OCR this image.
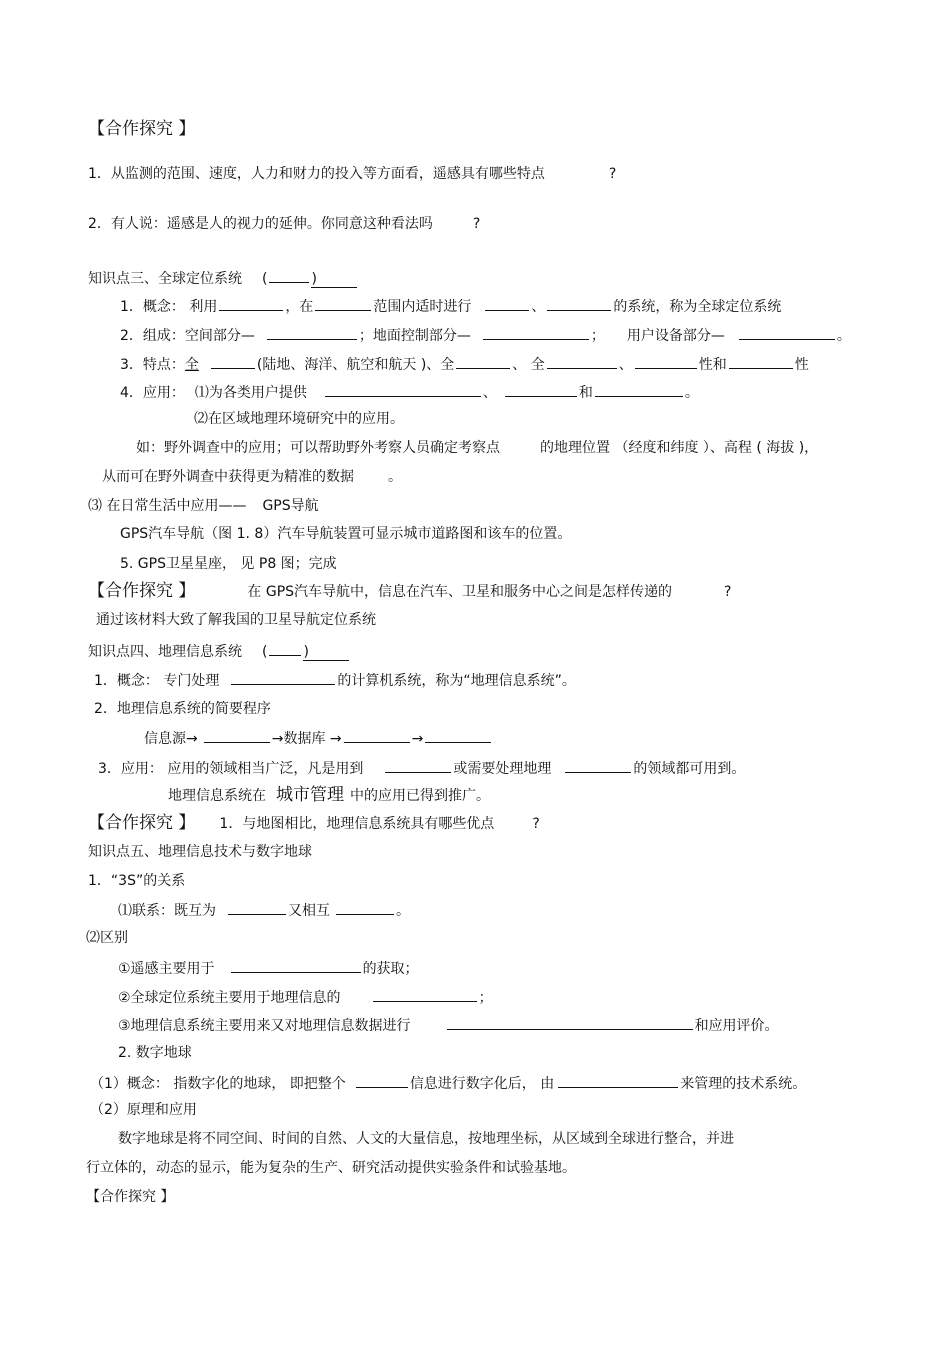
【合作探究 】
1．从监测的范围、速度，人力和财力的投入等方面看，遥感具有哪些特点	?
2．有人说：遥感是人的视力的延伸。你同意这种看法吗	?
知识点三、全球定位系统 (	)
1．概念： 利用	，在	范围内适时进行	、	的系统，称为全球定位系统
2．组成：空间部分—	；地面控制部分—	； 用户设备部分—	。
3．特点：全	(陆地、海洋、航空和航天 )、全	、 全	、	性和	性
4．应用： ⑴为各类用户提供	、	和	。
⑵在区域地理环境研究中的应用。
如：野外调查中的应用；可以帮助野外考察人员确定考察点	的地理位置 （经度和纬度 ）、高程 ( 海拔 )，
从而可在野外调查中获得更为精准的数据 。
⑶ 在日常生活中应用—— GPS导航
GPS汽车导航（图 1. 8）汽车导航装置可显示城市道路图和该车的位置。
5. GPS卫星星座， 见 P8 图；完成
【合作探究 】	在 GPS汽车导航中，信息在汽车、卫星和服务中心之间是怎样传递的	?
通过该材料大致了解我国的卫星导航定位系统
知识点四、地理信息系统 (	)
1．概念： 专门处理	的计算机系统，称为“地理信息系统”。
2．地理信息系统的简要程序
信息源→	→数据库 →	→
3．应用： 应用的领域相当广泛，凡是用到	或需要处理地理	的领域都可用到。
地理信息系统在 城市管理 中的应用已得到推广。
【合作探究 】 1．与地图相比，地理信息系统具有哪些优点	?
知识点五、地理信息技术与数字地球
1．“3S”的关系
⑴联系：既互为	又相互	。
⑵区别
①遥感主要用于	的获取；
②全球定位系统主要用于地理信息的	；
③地理信息系统主要用来又对地理信息数据进行	和应用评价。
2. 数字地球
（1）概念： 指数字化的地球， 即把整个	信息进行数字化后， 由	来管理的技术系统。
（2）原理和应用
数字地球是将不同空间、时间的自然、人文的大量信息，按地理坐标，从区域到全球进行整合，并进
行立体的，动态的显示，能为复杂的生产、研究活动提供实验条件和试验基地。
【合作探究 】
